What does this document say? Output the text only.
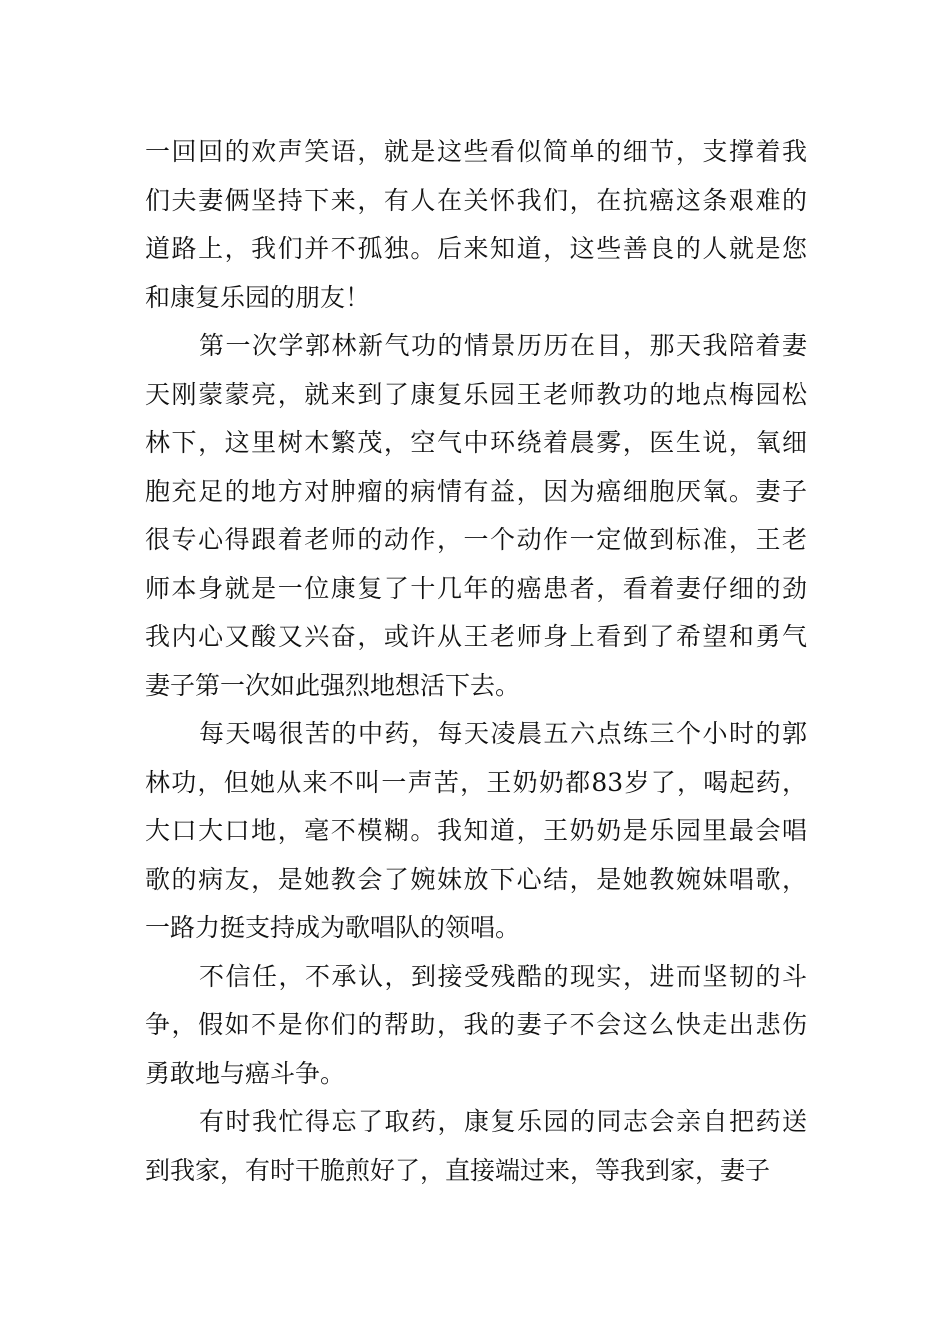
一回回的欢声笑语，就是这些看似简单的细节，支撑着我
们夫妻俩坚持下来，有人在关怀我们，在抗癌这条艰难的
道路上，我们并不孤独。后来知道，这些善良的人就是您
和康复乐园的朋友！
第一次学郭林新气功的情景历历在目，那天我陪着妻
天刚蒙蒙亮，就来到了康复乐园王老师教功的地点梅园松
林下，这里树木繁茂，空气中环绕着晨雾，医生说，氧细
胞充足的地方对肿瘤的病情有益，因为癌细胞厌氧。妻子
很专心得跟着老师的动作，一个动作一定做到标准，王老
师本身就是一位康复了十几年的癌患者，看着妻仔细的劲
我内心又酸又兴奋，或许从王老师身上看到了希望和勇气
妻子第一次如此强烈地想活下去。
每天喝很苦的中药，每天凌晨五六点练三个小时的郭
林功，但她从来不叫一声苦，王奶奶都83岁了，喝起药，
大口大口地，毫不模糊。我知道，王奶奶是乐园里最会唱
歌的病友，是她教会了婉妹放下心结，是她教婉妹唱歌，
一路力挺支持成为歌唱队的领唱。
不信任，不承认，到接受残酷的现实，进而坚韧的斗
争，假如不是你们的帮助，我的妻子不会这么快走出悲伤
勇敢地与癌斗争。
有时我忙得忘了取药，康复乐园的同志会亲自把药送
到我家，有时干脆煎好了，直接端过来，等我到家，妻子
